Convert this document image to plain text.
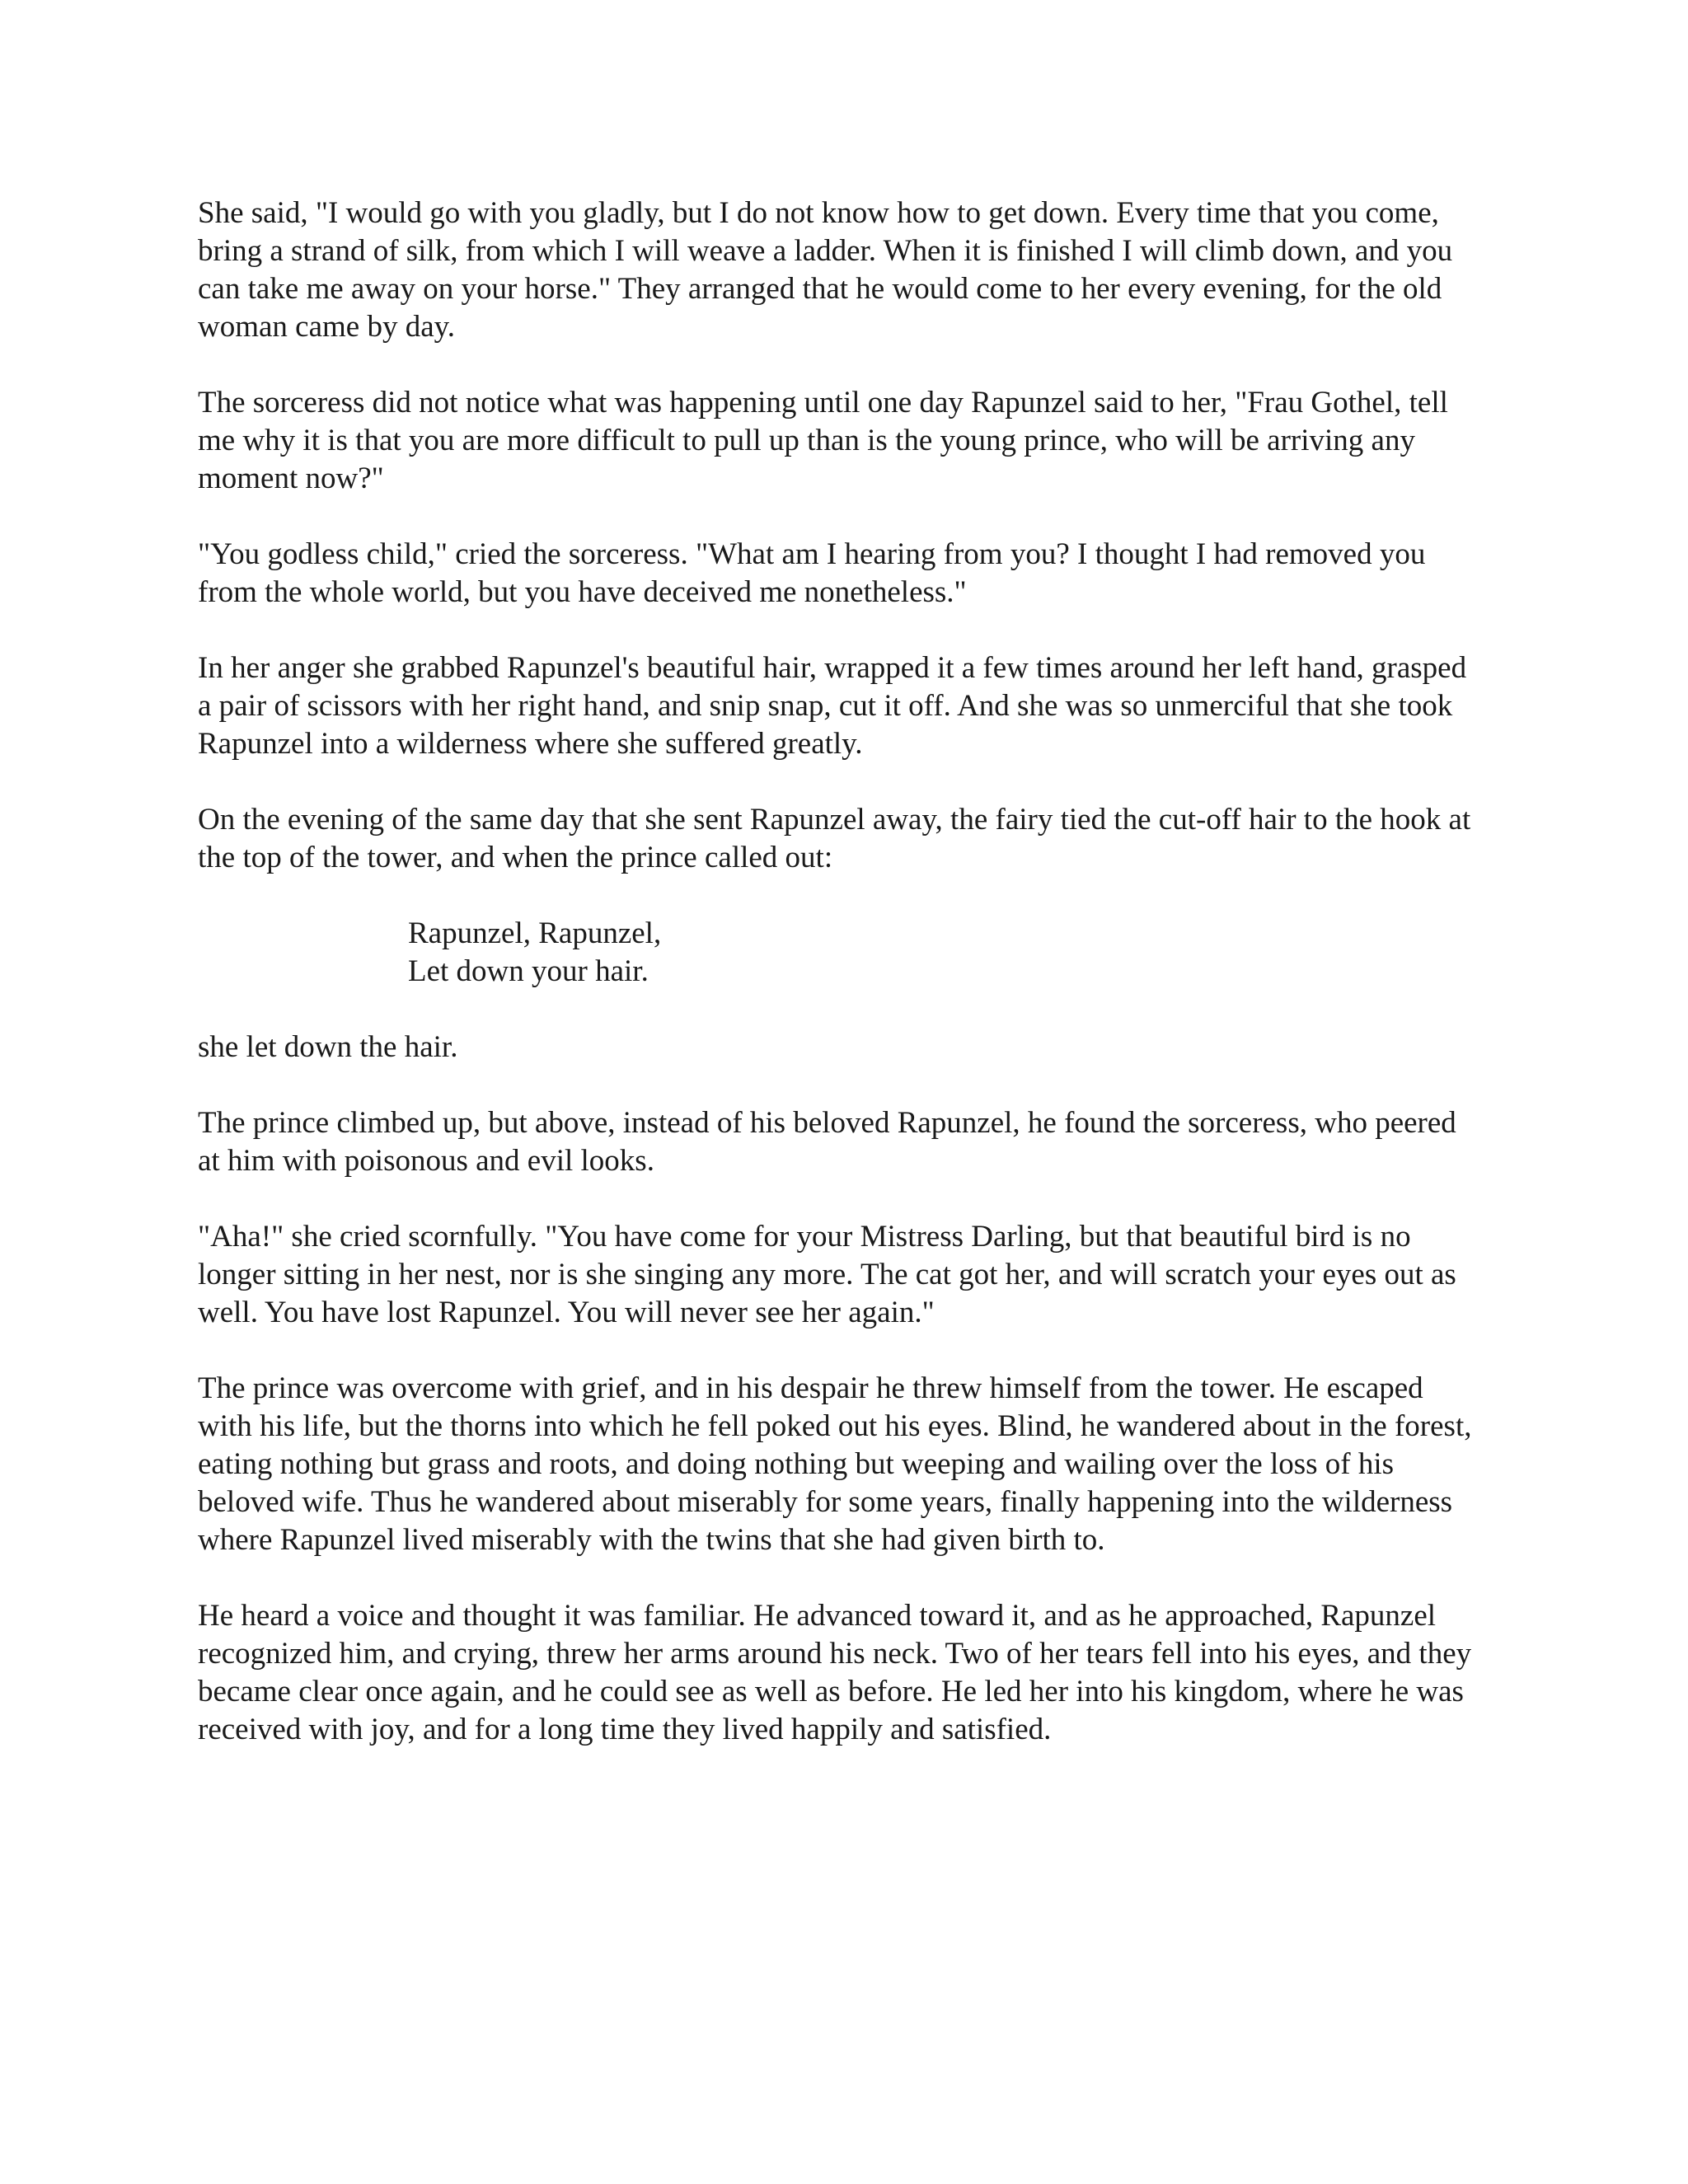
She said, "I would go with you gladly, but I do not know how to get down. Every time that you come, bring a strand of silk, from which I will weave a ladder. When it is finished I will climb down, and you can take me away on your horse." They arranged that he would come to her every evening, for the old woman came by day.

The sorceress did not notice what was happening until one day Rapunzel said to her, "Frau Gothel, tell me why it is that you are more difficult to pull up than is the young prince, who will be arriving any moment now?"

"You godless child," cried the sorceress. "What am I hearing from you? I thought I had removed you from the whole world, but you have deceived me nonetheless."

In her anger she grabbed Rapunzel's beautiful hair, wrapped it a few times around her left hand, grasped a pair of scissors with her right hand, and snip snap, cut it off. And she was so unmerciful that she took Rapunzel into a wilderness where she suffered greatly.

On the evening of the same day that she sent Rapunzel away, the fairy tied the cut-off hair to the hook at the top of the tower, and when the prince called out:

Rapunzel, Rapunzel,
Let down your hair.

she let down the hair.

The prince climbed up, but above, instead of his beloved Rapunzel, he found the sorceress, who peered at him with poisonous and evil looks.

"Aha!" she cried scornfully. "You have come for your Mistress Darling, but that beautiful bird is no longer sitting in her nest, nor is she singing any more. The cat got her, and will scratch your eyes out as well. You have lost Rapunzel. You will never see her again."

The prince was overcome with grief, and in his despair he threw himself from the tower. He escaped with his life, but the thorns into which he fell poked out his eyes. Blind, he wandered about in the forest, eating nothing but grass and roots, and doing nothing but weeping and wailing over the loss of his beloved wife. Thus he wandered about miserably for some years, finally happening into the wilderness where Rapunzel lived miserably with the twins that she had given birth to.

He heard a voice and thought it was familiar. He advanced toward it, and as he approached, Rapunzel recognized him, and crying, threw her arms around his neck. Two of her tears fell into his eyes, and they became clear once again, and he could see as well as before. He led her into his kingdom, where he was received with joy, and for a long time they lived happily and satisfied.
